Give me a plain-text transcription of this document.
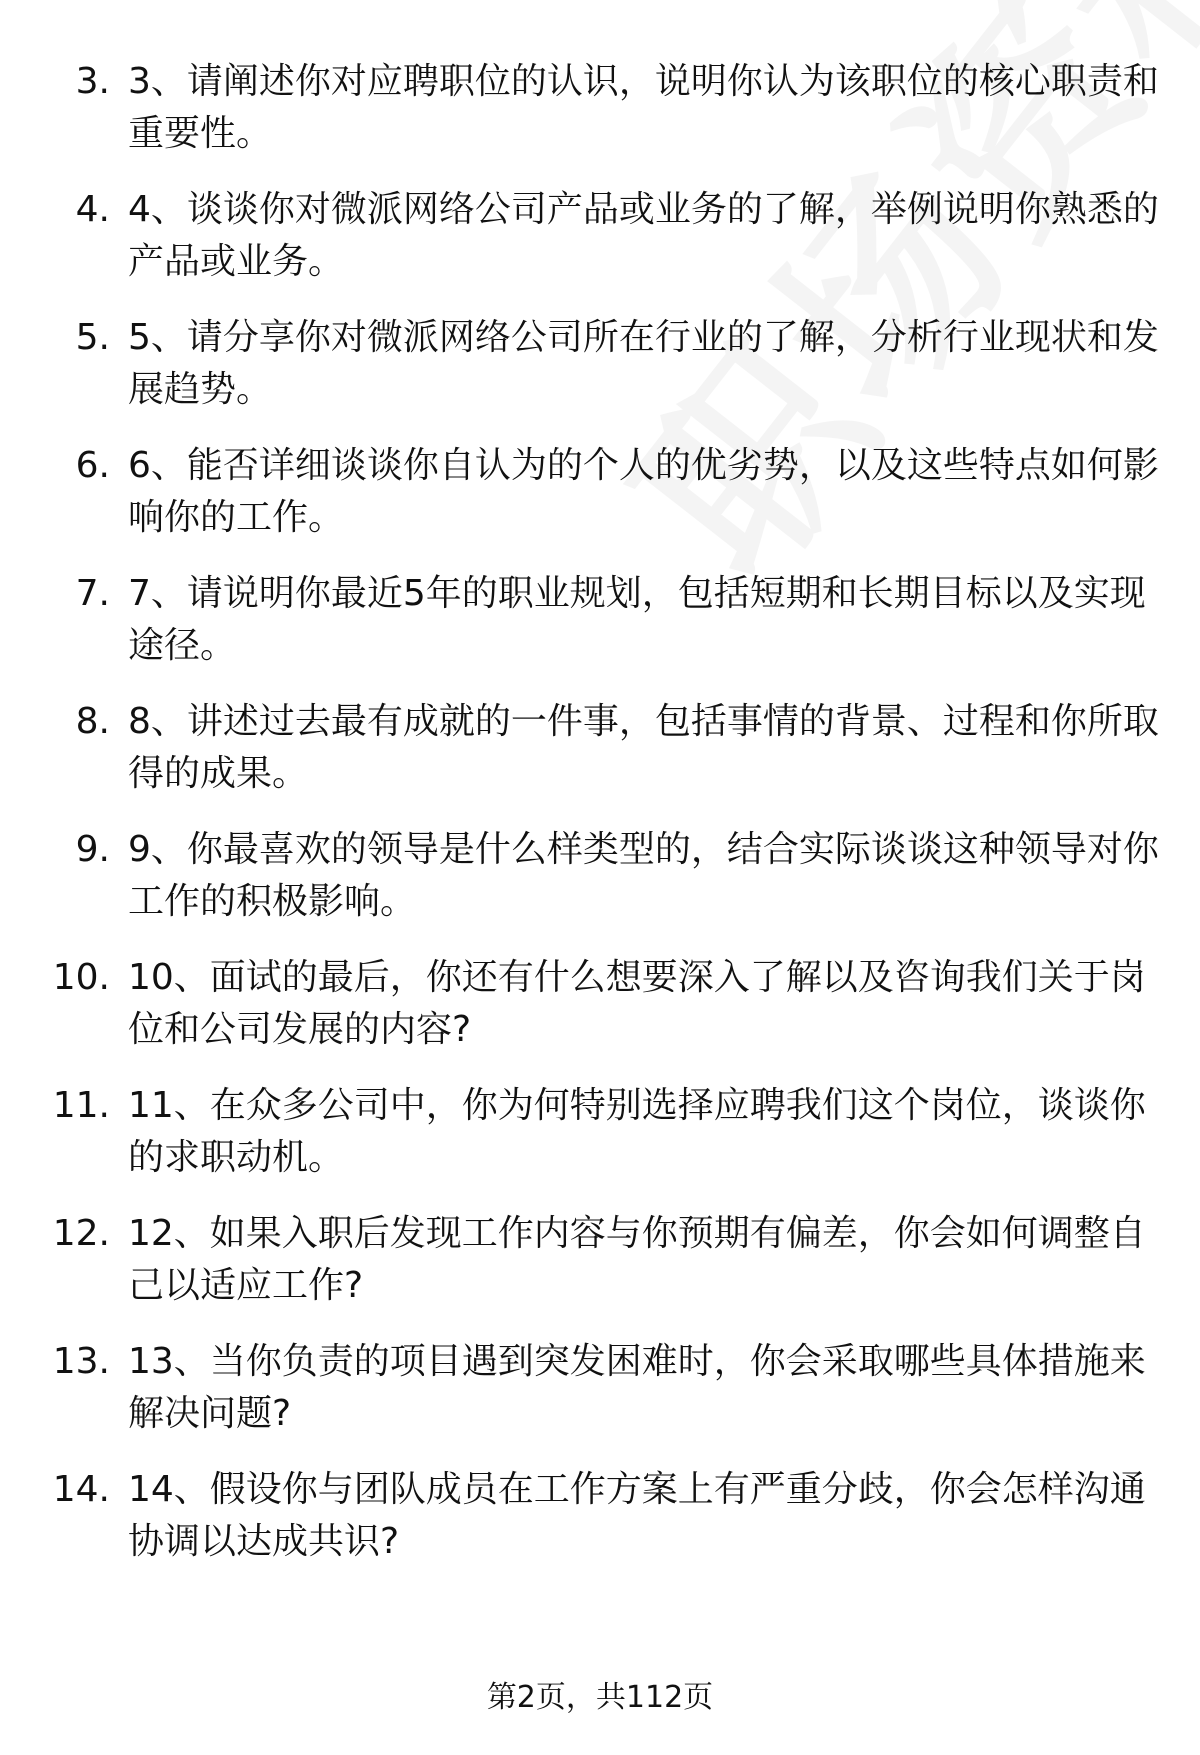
3. 3、请阐述你对应聘职位的认识，说明你认为该职位的核心职责和重要性。

4. 4、谈谈你对微派网络公司产品或业务的了解，举例说明你熟悉的产品或业务。

5. 5、请分享你对微派网络公司所在行业的了解，分析行业现状和发展趋势。

6. 6、能否详细谈谈你自认为的个人的优劣势，以及这些特点如何影响你的工作。

7. 7、请说明你最近5年的职业规划，包括短期和长期目标以及实现途径。

8. 8、讲述过去最有成就的一件事，包括事情的背景、过程和你所取得的成果。

9. 9、你最喜欢的领导是什么样类型的，结合实际谈谈这种领导对你工作的积极影响。

10. 10、面试的最后，你还有什么想要深入了解以及咨询我们关于岗位和公司发展的内容?

11. 11、在众多公司中，你为何特别选择应聘我们这个岗位，谈谈你的求职动机。

12. 12、如果入职后发现工作内容与你预期有偏差，你会如何调整自己以适应工作?

13. 13、当你负责的项目遇到突发困难时，你会采取哪些具体措施来解决问题?

14. 14、假设你与团队成员在工作方案上有严重分歧，你会怎样沟通协调以达成共识?

第2页，共112页
